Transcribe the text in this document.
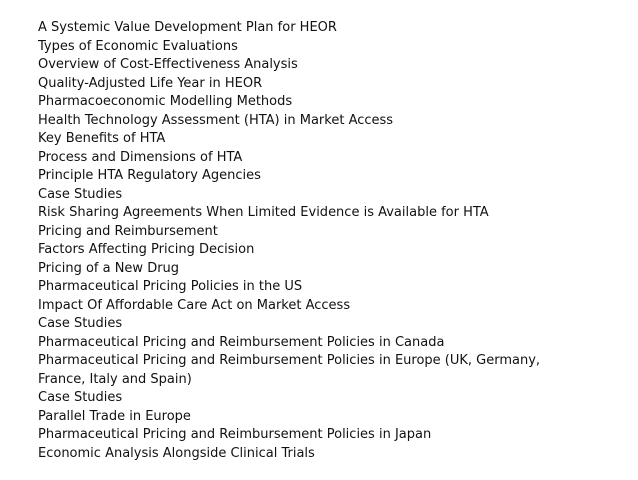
A Systemic Value Development Plan for HEOR
Types of Economic Evaluations
Overview of Cost-Effectiveness Analysis
Quality-Adjusted Life Year in HEOR
Pharmacoeconomic Modelling Methods
Health Technology Assessment (HTA) in Market Access
Key Benefits of HTA
Process and Dimensions of HTA
Principle HTA Regulatory Agencies
Case Studies
Risk Sharing Agreements When Limited Evidence is Available for HTA
Pricing and Reimbursement
Factors Affecting Pricing Decision
Pricing of a New Drug
Pharmaceutical Pricing Policies in the US
Impact Of Affordable Care Act on Market Access
Case Studies
Pharmaceutical Pricing and Reimbursement Policies in Canada
Pharmaceutical Pricing and Reimbursement Policies in Europe (UK, Germany, France, Italy and Spain)
Case Studies
Parallel Trade in Europe
Pharmaceutical Pricing and Reimbursement Policies in Japan
Economic Analysis Alongside Clinical Trials
